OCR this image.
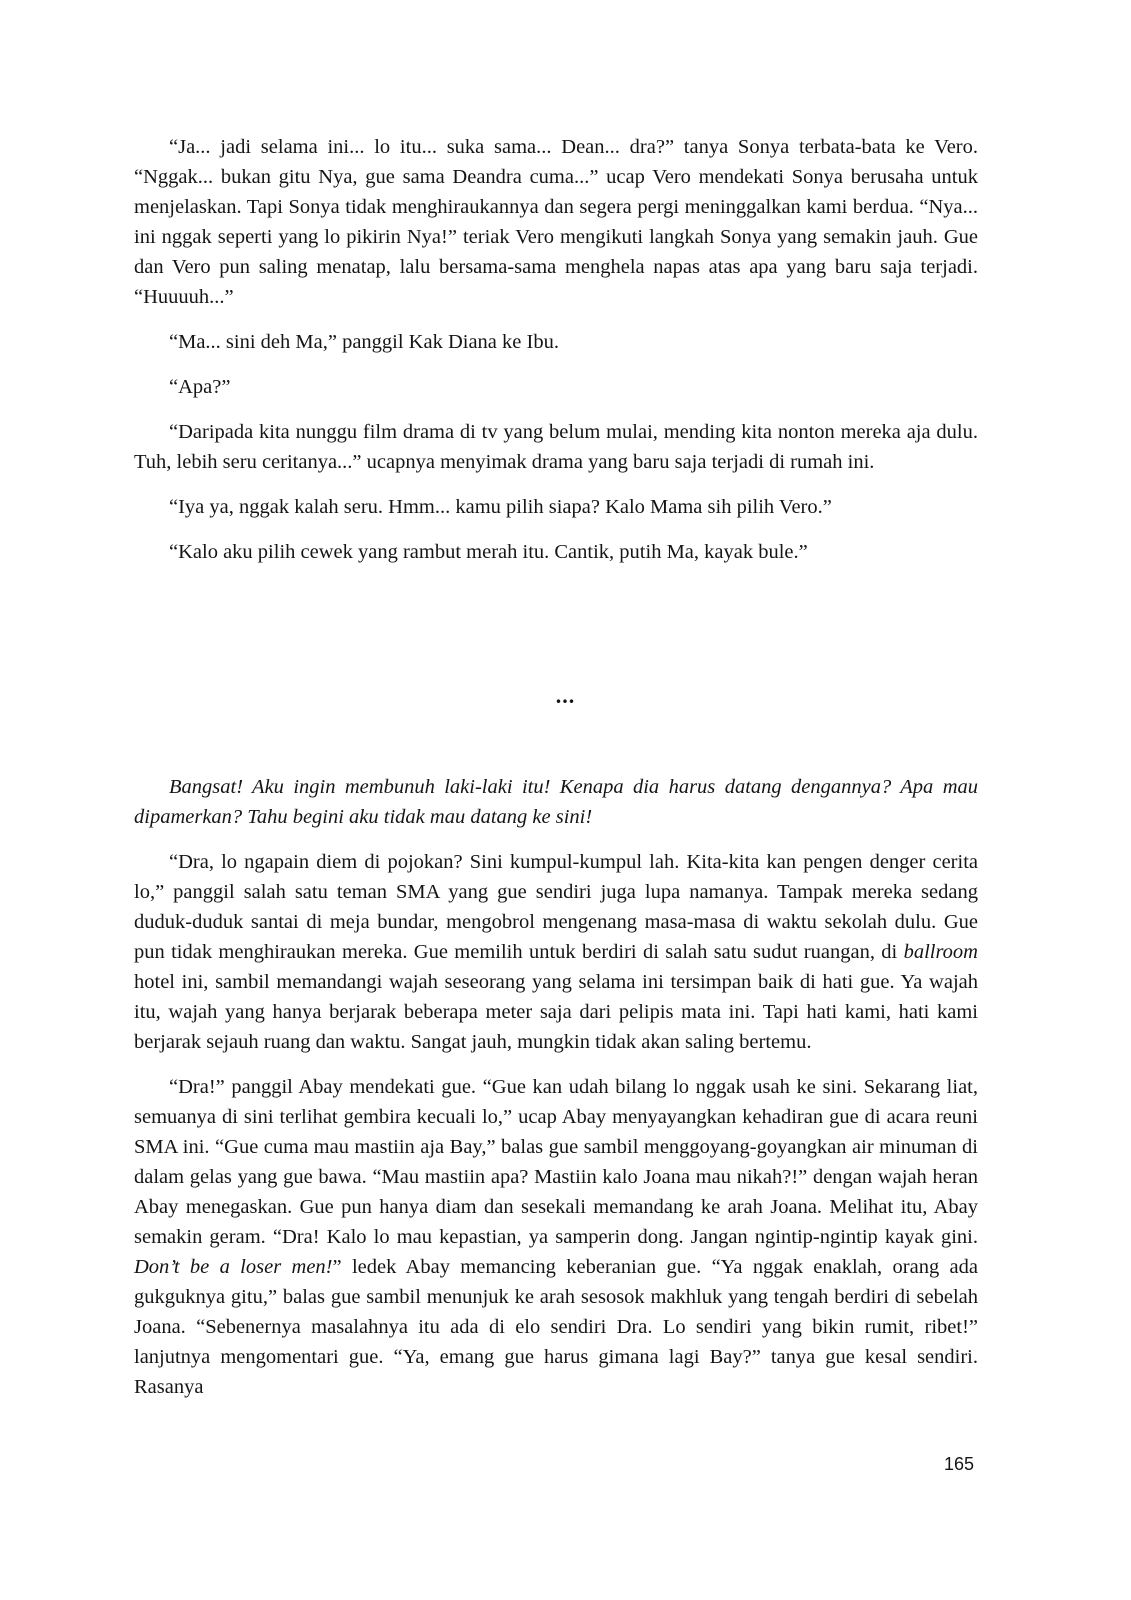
“Ja... jadi selama ini... lo itu... suka sama... Dean... dra?” tanya Sonya terbata-bata ke Vero. “Nggak... bukan gitu Nya, gue sama Deandra cuma...” ucap Vero mendekati Sonya berusaha untuk menjelaskan. Tapi Sonya tidak menghiraukannya dan segera pergi meninggalkan kami berdua. “Nya... ini nggak seperti yang lo pikirin Nya!” teriak Vero mengikuti langkah Sonya yang semakin jauh. Gue dan Vero pun saling menatap, lalu bersama-sama menghela napas atas apa yang baru saja terjadi. “Huuuuh...”

“Ma... sini deh Ma,” panggil Kak Diana ke Ibu.

“Apa?”

“Daripada kita nunggu film drama di tv yang belum mulai, mending kita nonton mereka aja dulu. Tuh, lebih seru ceritanya...” ucapnya menyimak drama yang baru saja terjadi di rumah ini.

“Iya ya, nggak kalah seru. Hmm... kamu pilih siapa? Kalo Mama sih pilih Vero.”

“Kalo aku pilih cewek yang rambut merah itu. Cantik, putih Ma, kayak bule.”

...

Bangsat! Aku ingin membunuh laki-laki itu! Kenapa dia harus datang dengannya? Apa mau dipamerkan? Tahu begini aku tidak mau datang ke sini!

“Dra, lo ngapain diem di pojokan? Sini kumpul-kumpul lah. Kita-kita kan pengen denger cerita lo,” panggil salah satu teman SMA yang gue sendiri juga lupa namanya. Tampak mereka sedang duduk-duduk santai di meja bundar, mengobrol mengenang masa-masa di waktu sekolah dulu. Gue pun tidak menghiraukan mereka. Gue memilih untuk berdiri di salah satu sudut ruangan, di ballroom hotel ini, sambil memandangi wajah seseorang yang selama ini tersimpan baik di hati gue. Ya wajah itu, wajah yang hanya berjarak beberapa meter saja dari pelipis mata ini. Tapi hati kami, hati kami berjarak sejauh ruang dan waktu. Sangat jauh, mungkin tidak akan saling bertemu.

“Dra!” panggil Abay mendekati gue. “Gue kan udah bilang lo nggak usah ke sini. Sekarang liat, semuanya di sini terlihat gembira kecuali lo,” ucap Abay menyayangkan kehadiran gue di acara reuni SMA ini. “Gue cuma mau mastiin aja Bay,” balas gue sambil menggoyang-goyangkan air minuman di dalam gelas yang gue bawa. “Mau mastiin apa? Mastiin kalo Joana mau nikah?!” dengan wajah heran Abay menegaskan. Gue pun hanya diam dan sesekali memandang ke arah Joana. Melihat itu, Abay semakin geram. “Dra! Kalo lo mau kepastian, ya samperin dong. Jangan ngintip-ngintip kayak gini. Don’t be a loser men!” ledek Abay memancing keberanian gue. “Ya nggak enaklah, orang ada gukguknya gitu,” balas gue sambil menunjuk ke arah sesosok makhluk yang tengah berdiri di sebelah Joana. “Sebenernya masalahnya itu ada di elo sendiri Dra. Lo sendiri yang bikin rumit, ribet!” lanjutnya mengomentari gue. “Ya, emang gue harus gimana lagi Bay?” tanya gue kesal sendiri. Rasanya

165
